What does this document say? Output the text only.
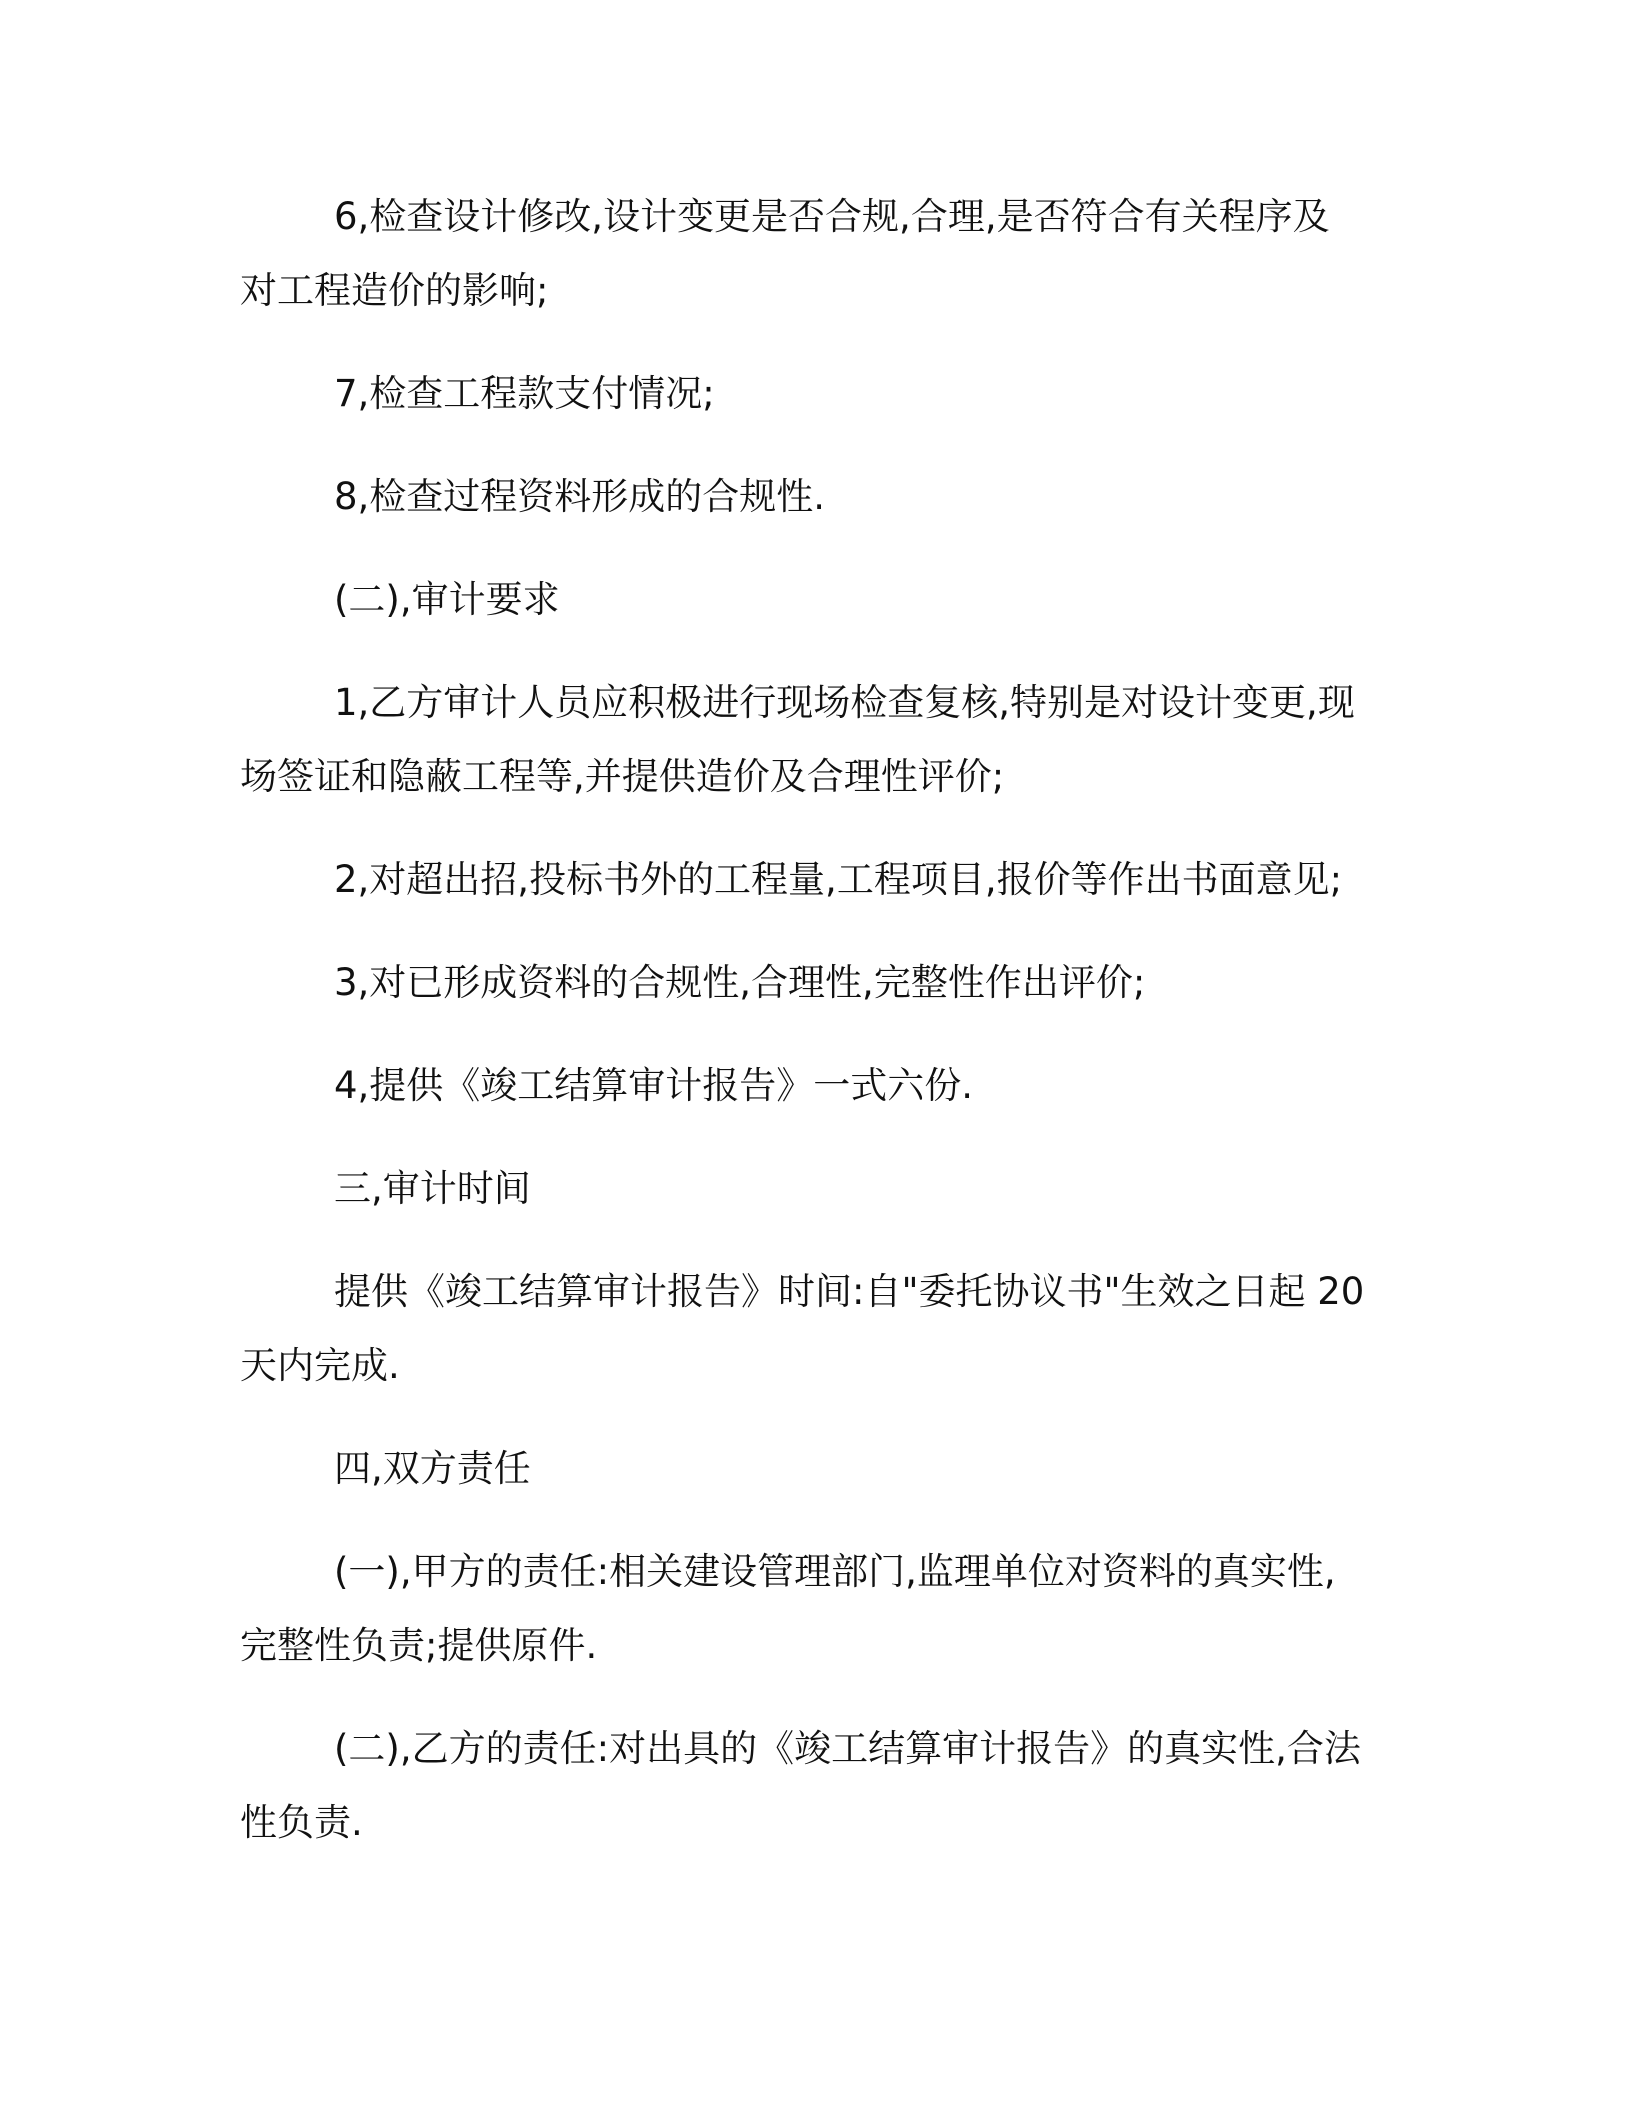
6,检查设计修改,设计变更是否合规,合理,是否符合有关程序及对工程造价的影响;

7,检查工程款支付情况;

8,检查过程资料形成的合规性.

(二),审计要求

1,乙方审计人员应积极进行现场检查复核,特别是对设计变更,现场签证和隐蔽工程等,并提供造价及合理性评价;

2,对超出招,投标书外的工程量,工程项目,报价等作出书面意见;

3,对已形成资料的合规性,合理性,完整性作出评价;

4,提供《竣工结算审计报告》一式六份.

三,审计时间

提供《竣工结算审计报告》时间:自"委托协议书"生效之日起 20 天内完成.

四,双方责任

(一),甲方的责任:相关建设管理部门,监理单位对资料的真实性,完整性负责;提供原件.

(二),乙方的责任:对出具的《竣工结算审计报告》的真实性,合法性负责.
